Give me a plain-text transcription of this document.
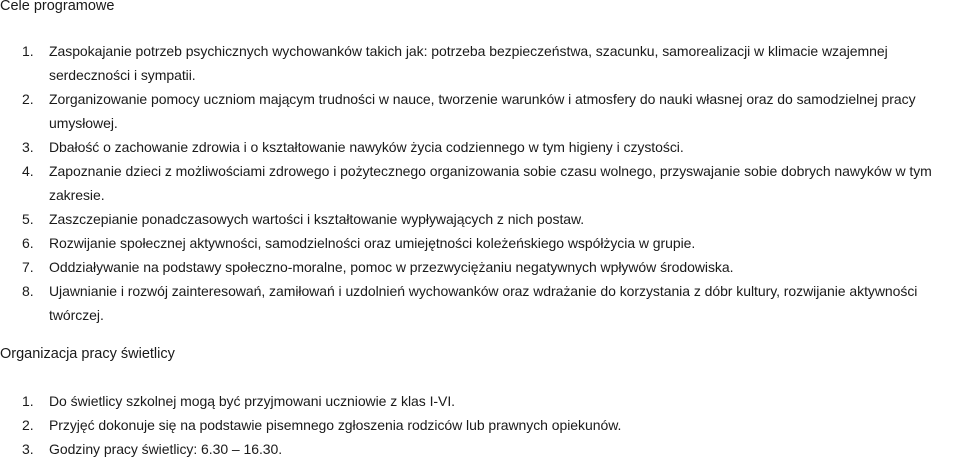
Cele programowe
1. Zaspokajanie potrzeb psychicznych wychowanków takich jak: potrzeba bezpieczeństwa, szacunku, samorealizacji w klimacie wzajemnej serdeczności i sympatii.
2. Zorganizowanie pomocy uczniom mającym trudności w nauce, tworzenie warunków i atmosfery do nauki własnej oraz do samodzielnej pracy umysłowej.
3. Dbałość o zachowanie zdrowia i o kształtowanie nawyków życia codziennego w tym higieny i czystości.
4. Zapoznanie dzieci z możliwościami zdrowego i pożytecznego organizowania sobie czasu wolnego, przyswajanie sobie dobrych nawyków w tym zakresie.
5. Zaszczepianie ponadczasowych wartości i kształtowanie wypływających z nich postaw.
6. Rozwijanie społecznej aktywności, samodzielności oraz umiejętności koleżeńskiego współżycia w grupie.
7. Oddziaływanie na podstawy społeczno-moralne, pomoc w przezwyciężaniu negatywnych wpływów środowiska.
8. Ujawnianie i rozwój zainteresowań, zamiłowań i uzdolnień wychowanków oraz wdrażanie do korzystania z dóbr kultury, rozwijanie aktywności twórczej.
Organizacja pracy świetlicy
1. Do świetlicy szkolnej mogą być przyjmowani uczniowie z klas I-VI.
2. Przyjęć dokonuje się na podstawie pisemnego zgłoszenia rodziców lub prawnych opiekunów.
3. Godziny pracy świetlicy: 6.30 – 16.30.
